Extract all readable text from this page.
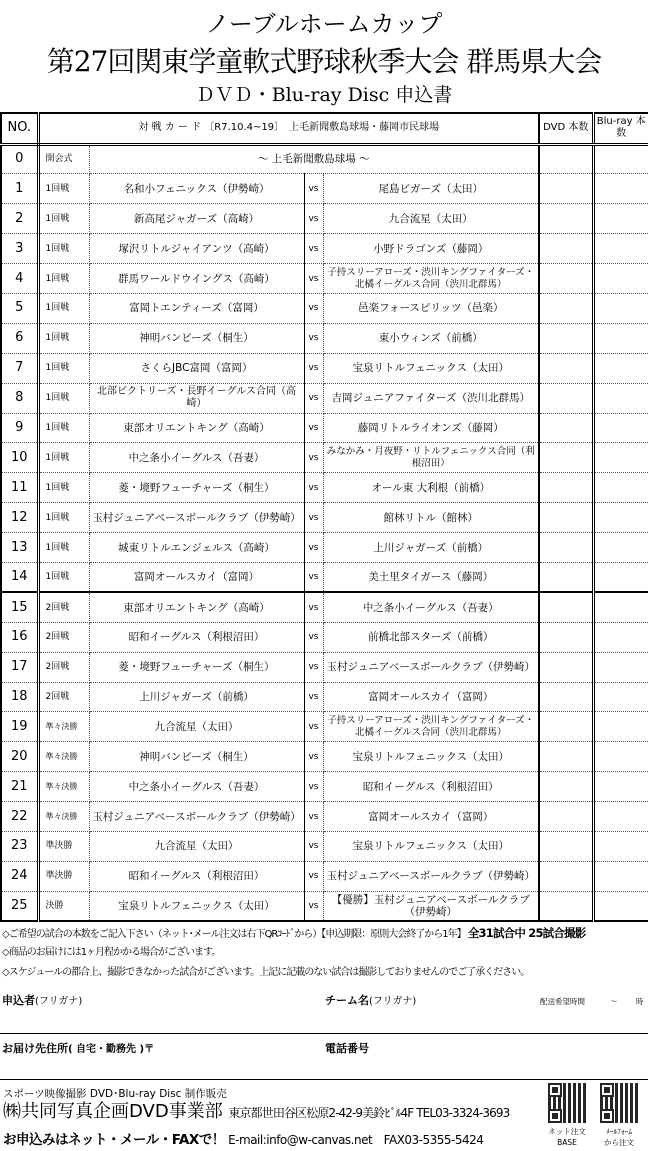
ノーブルホームカップ
第27回関東学童軟式野球秋季大会 群馬県大会
ＤＶＤ・Blu-ray Disc 申込書
NO.	対 戦 カ ー ド 〔R7.10.4~19〕　上毛新聞敷島球場・藤岡市民球場				DVD 本数	Blu-ray 本数
0	開会式	～ 上毛新聞敷島球場 ～				
1	1回戦	名和小フェニックス（伊勢崎）	vs	尾島ビガーズ（太田）		
2	1回戦	新高尾ジャガーズ（高崎）	vs	九合流星（太田）		
3	1回戦	塚沢リトルジャイアンツ（高崎）	vs	小野ドラゴンズ（藤岡）		
4	1回戦	群馬ワールドウイングス（高崎）	vs	子持スリーアローズ・渋川キングファイターズ・北橘イーグルス合同（渋川北群馬）		
5	1回戦	富岡トエンティーズ（富岡）	vs	邑楽フォースピリッツ（邑楽）		
6	1回戦	神明バンビーズ（桐生）	vs	東小ウィンズ（前橋）		
7	1回戦	さくらJBC富岡（富岡）	vs	宝泉リトルフェニックス（太田）		
8	1回戦	北部ビクトリーズ・長野イーグルス合同（高崎）	vs	吉岡ジュニアファイターズ（渋川北群馬）		
9	1回戦	東部オリエントキング（高崎）	vs	藤岡リトルライオンズ（藤岡）		
10	1回戦	中之条小イーグルス（吾妻）	vs	みなかみ・月夜野・リトルフェニックス合同（利根沼田）		
11	1回戦	菱・境野フューチャーズ（桐生）	vs	オール東 大利根（前橋）		
12	1回戦	玉村ジュニアベースボールクラブ（伊勢崎）	vs	館林リトル（館林）		
13	1回戦	城東リトルエンジェルス（高崎）	vs	上川ジャガーズ（前橋）		
14	1回戦	富岡オールスカイ（富岡）	vs	美土里タイガース（藤岡）		
15	2回戦	東部オリエントキング（高崎）	vs	中之条小イーグルス（吾妻）		
16	2回戦	昭和イーグルス（利根沼田）	vs	前橋北部スターズ（前橋）		
17	2回戦	菱・境野フューチャーズ（桐生）	vs	玉村ジュニアベースボールクラブ（伊勢崎）		
18	2回戦	上川ジャガーズ（前橋）	vs	富岡オールスカイ（富岡）		
19	準々決勝	九合流星（太田）	vs	子持スリーアローズ・渋川キングファイターズ・北橘イーグルス合同（渋川北群馬）		
20	準々決勝	神明バンビーズ（桐生）	vs	宝泉リトルフェニックス（太田）		
21	準々決勝	中之条小イーグルス（吾妻）	vs	昭和イーグルス（利根沼田）		
22	準々決勝	玉村ジュニアベースボールクラブ（伊勢崎）	vs	富岡オールスカイ（富岡）		
23	準決勝	九合流星（太田）	vs	宝泉リトルフェニックス（太田）		
24	準決勝	昭和イーグルス（利根沼田）	vs	玉村ジュニアベースボールクラブ（伊勢崎）		
25	決勝	宝泉リトルフェニックス（太田）	vs	【優勝】玉村ジュニアベースボールクラブ（伊勢崎）		
◇ご希望の試合の本数をご記入下さい（ネット･メール注文は右下QRｺｰﾄﾞから）【申込期限：原則大会終了から1年】 全31試合中 25試合撮影
◇商品のお届けには1ヶ月程かかる場合がございます。
◇スケジュールの都合上、撮影できなかった試合がございます。上記に記載のない試合は撮影しておりませんのでご了承ください。
申込者(フリガナ)	チーム名(フリガナ)	配送希望時間	～ 時
お届け先住所( 自宅・勤務先 )〒	電話番号
スポーツ映像撮影 DVD･Blu-ray Disc 制作販売
㈱共同写真企画DVD事業部 東京都世田谷区松原2-42-9美鈴ﾋﾞﾙ4F TEL03-3324-3693
お申込みはネット・メール・FAXで！ E-mail:info@w-canvas.net　FAX03-5355-5424
ネット注文
BASE
ﾒｰﾙﾌｫｰﾑ
から注文
